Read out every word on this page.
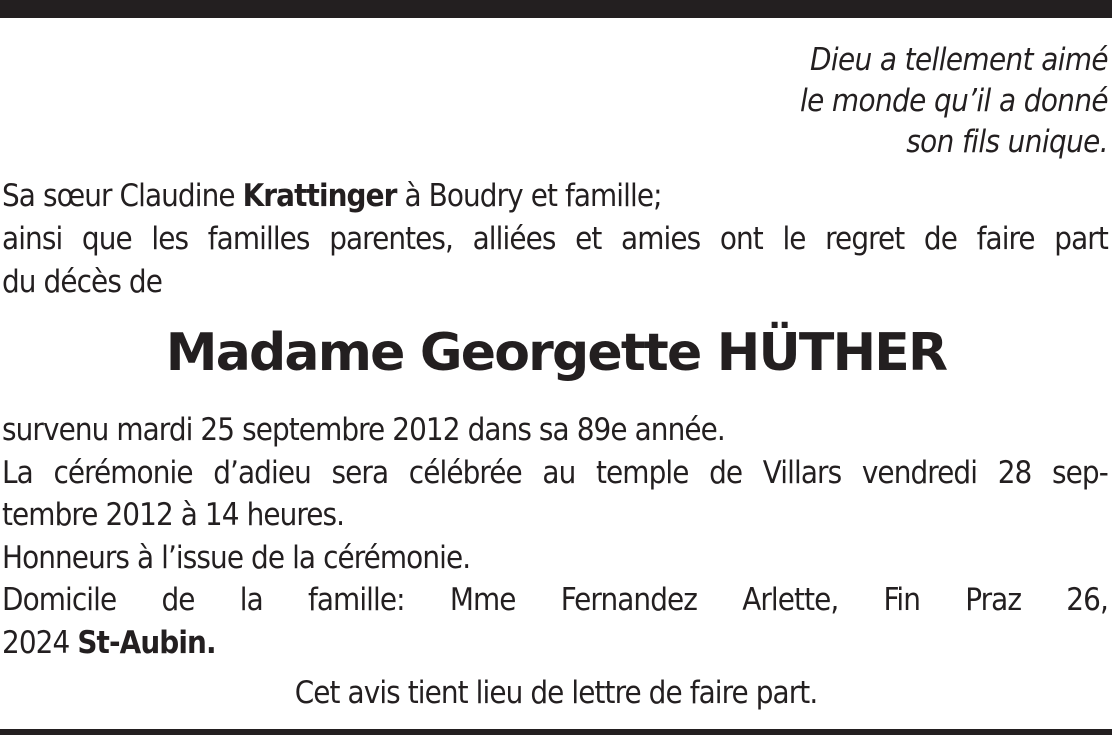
Dieu a tellement aimé
le monde qu’il a donné
son fils unique.
Sa sœur Claudine Krattinger à Boudry et famille;
ainsi que les familles parentes, alliées et amies ont le regret de faire part
du décès de
Madame Georgette HÜTHER
survenu mardi 25 septembre 2012 dans sa 89e année.
La cérémonie d’adieu sera célébrée au temple de Villars vendredi 28 sep-
tembre 2012 à 14 heures.
Honneurs à l’issue de la cérémonie.
Domicile de la famille: Mme Fernandez Arlette, Fin Praz 26,
2024 St-Aubin.
Cet avis tient lieu de lettre de faire part.
